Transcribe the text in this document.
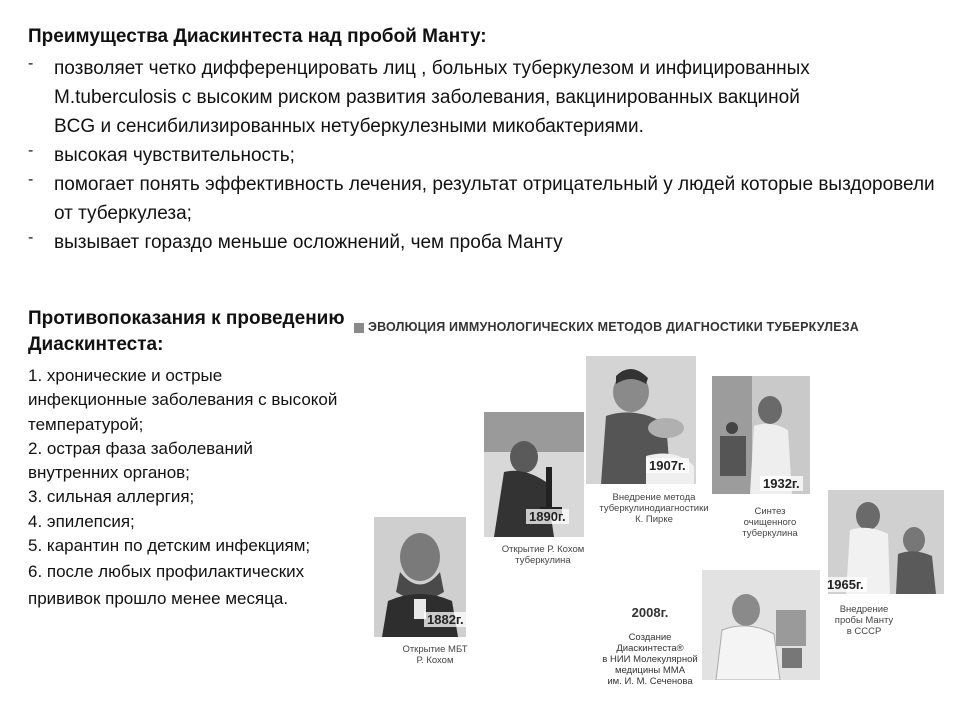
Преимущества Диаскинтеста над пробой Манту:
- позволяет четко дифференцировать лиц , больных туберкулезом и инфицированных M.tuberculosis с высоким риском развития заболевания, вакцинированных вакциной BCG и сенсибилизированных нетуберкулезными микобактериями.
- высокая чувствительность;
- помогает понять эффективность лечения, результат отрицательный у людей которые выздоровели от туберкулеза;
- вызывает гораздо меньше осложнений, чем проба Манту
Противопоказания к проведению Диаскинтеста:
1. хронические и острые инфекционные заболевания с высокой температурой;
2. острая фаза заболеваний внутренних органов;
3. сильная аллергия;
4. эпилепсия;
5. карантин по детским инфекциям;
6. после любых профилактических прививок прошло менее месяца.
ЭВОЛЮЦИЯ ИММУНОЛОГИЧЕСКИХ МЕТОДОВ ДИАГНОСТИКИ ТУБЕРКУЛЕЗА
1882г.
Открытие МБТ
Р. Кохом
1890г.
Открытие Р. Кохом
туберкулина
1907г.
Внедрение метода
туберкулинодиагностики
К. Пирке
1932г.
Синтез
очищенного
туберкулина

2008г.

Создание
Диаскинтеста®
в НИИ Молекулярной
медицины ММА
им. И. М. Сеченова

1965г.
Внедрение
пробы Манту
в СССР
